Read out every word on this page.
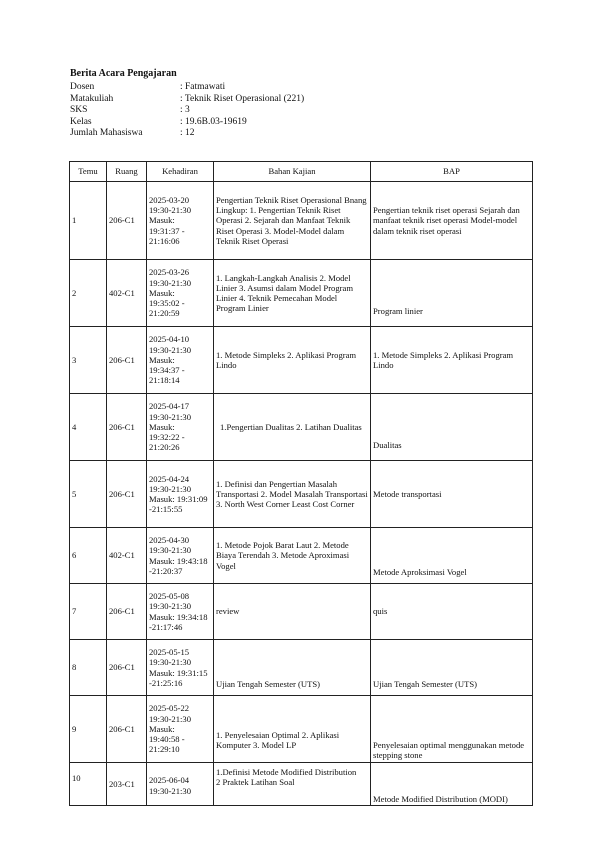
Berita Acara Pengajaran
Dosen	: Fatmawati
Matakuliah	: Teknik Riset Operasional (221)
SKS	: 3
Kelas	: 19.6B.03-19619
Jumlah Mahasiswa	: 12
Temu	Ruang	Kehadiran	Bahan Kajian	BAP
1	206-C1	2025-03-20
19:30-21:30
Masuk:
19:31:37 -
21:16:06	Pengertian Teknik Riset Operasional Bnang Lingkup: 1. Pengertian Teknik Riset Operasi 2. Sejarah dan Manfaat Teknik Riset Operasi 3. Model-Model dalam Teknik Riset Operasi	Pengertian teknik riset operasi Sejarah dan manfaat teknik riset operasi Model-model dalam teknik riset operasi
2	402-C1	2025-03-26
19:30-21:30
Masuk:
19:35:02 -
21:20:59	1. Langkah-Langkah Analisis 2. Model Linier 3. Asumsi dalam Model Program Linier 4. Teknik Pemecahan Model Program Linier	Program linier
3	206-C1	2025-04-10
19:30-21:30
Masuk:
19:34:37 -
21:18:14	1. Metode Simpleks 2. Aplikasi Program Lindo	1. Metode Simpleks 2. Aplikasi Program Lindo
4	206-C1	2025-04-17
19:30-21:30
Masuk:
19:32:22 -
21:20:26	1.Pengertian Dualitas 2. Latihan Dualitas	Dualitas
5	206-C1	2025-04-24
19:30-21:30
Masuk: 19:31:09
-21:15:55	1. Definisi dan Pengertian Masalah Transportasi 2. Model Masalah Transportasi 3. North West Corner Least Cost Corner	Metode transportasi
6	402-C1	2025-04-30
19:30-21:30
Masuk: 19:43:18
-21:20:37	1. Metode Pojok Barat Laut 2. Metode Biaya Terendah 3. Metode Aproximasi Vogel	Metode Aproksimasi Vogel
7	206-C1	2025-05-08
19:30-21:30
Masuk: 19:34:18
-21:17:46	review	quis
8	206-C1	2025-05-15
19:30-21:30
Masuk: 19:31:15
-21:25:16	Ujian Tengah Semester (UTS)	Ujian Tengah Semester (UTS)
9	206-C1	2025-05-22
19:30-21:30
Masuk:
19:40:58 -
21:29:10	1. Penyelesaian Optimal 2. Aplikasi Komputer 3. Model LP	Penyelesaian optimal menggunakan metode stepping stone
10	203-C1	2025-06-04
19:30-21:30	1.Definisi Metode Modified Distribution
2 Praktek Latihan Soal	Metode Modified Distribution (MODI)
